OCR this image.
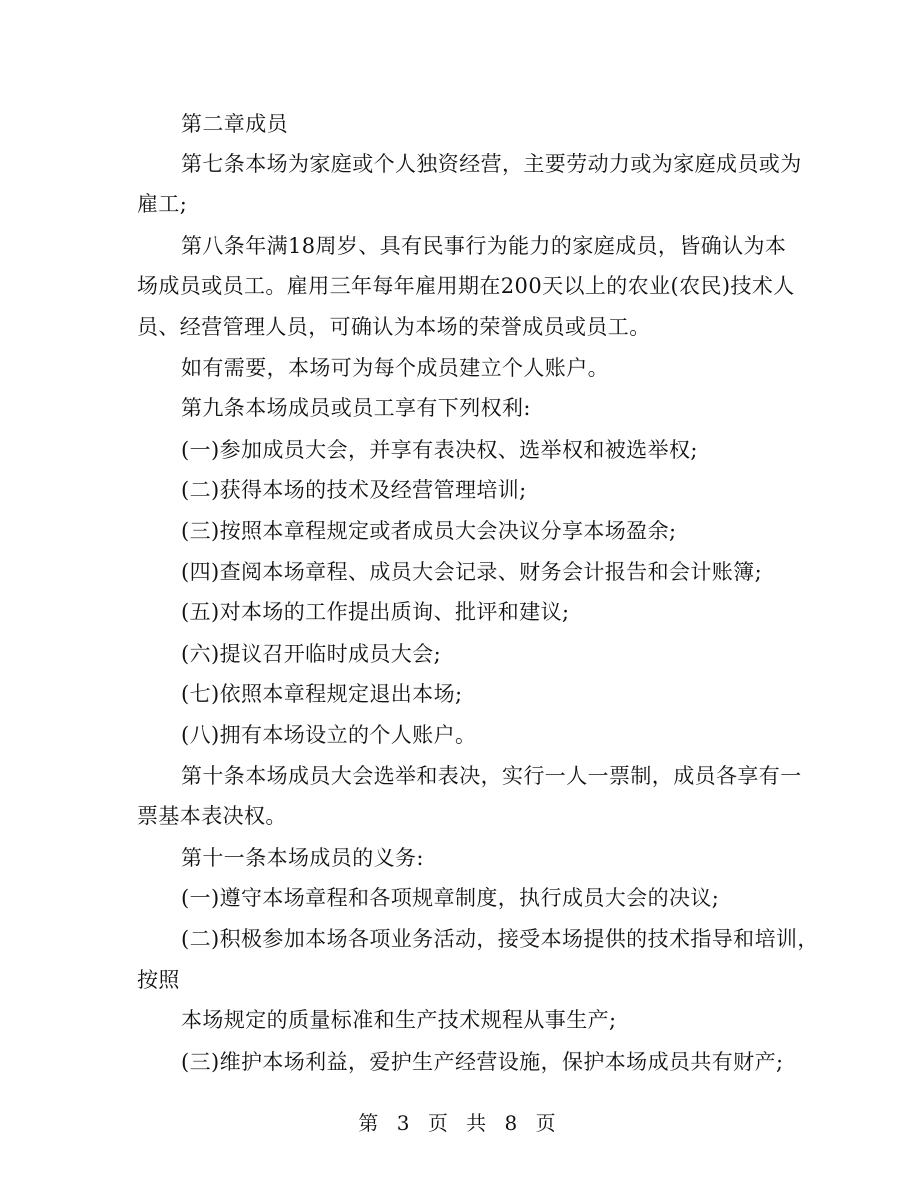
第二章成员
第七条本场为家庭或个人独资经营，主要劳动力或为家庭成员或为
雇工;
第八条年满18周岁、具有民事行为能力的家庭成员，皆确认为本
场成员或员工。雇用三年每年雇用期在200天以上的农业(农民)技术人
员、经营管理人员，可确认为本场的荣誉成员或员工。
如有需要，本场可为每个成员建立个人账户。
第九条本场成员或员工享有下列权利:
(一)参加成员大会，并享有表决权、选举权和被选举权;
(二)获得本场的技术及经营管理培训;
(三)按照本章程规定或者成员大会决议分享本场盈余;
(四)查阅本场章程、成员大会记录、财务会计报告和会计账簿;
(五)对本场的工作提出质询、批评和建议;
(六)提议召开临时成员大会;
(七)依照本章程规定退出本场;
(八)拥有本场设立的个人账户。
第十条本场成员大会选举和表决，实行一人一票制，成员各享有一
票基本表决权。
第十一条本场成员的义务:
(一)遵守本场章程和各项规章制度，执行成员大会的决议;
(二)积极参加本场各项业务活动，接受本场提供的技术指导和培训，
按照
本场规定的质量标准和生产技术规程从事生产;
(三)维护本场利益，爱护生产经营设施，保护本场成员共有财产;
第 3 页 共 8 页
